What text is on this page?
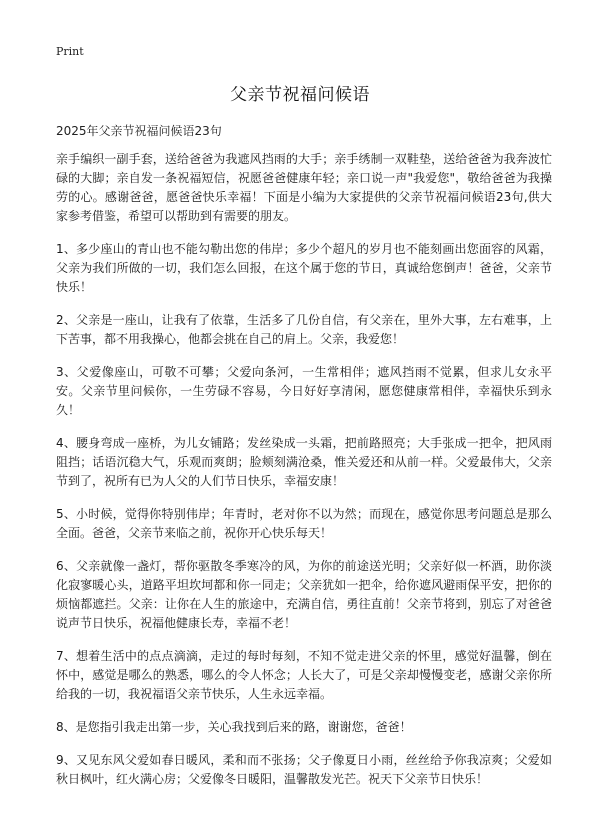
Print
父亲节祝福问候语

2025年父亲节祝福问候语23句

亲手编织一副手套，送给爸爸为我遮风挡雨的大手；亲手绣制一双鞋垫，送给爸爸为我奔波忙碌的大脚；亲自发一条祝福短信，祝愿爸爸健康年轻；亲口说一声"我爱您"，敬给爸爸为我操劳的心。感谢爸爸，愿爸爸快乐幸福！下面是小编为大家提供的父亲节祝福问候语23句,供大家参考借鉴，希望可以帮助到有需要的朋友。

1、多少座山的青山也不能勾勒出您的伟岸；多少个超凡的岁月也不能刻画出您面容的风霜，父亲为我们所做的一切，我们怎么回报，在这个属于您的节日，真诚给您倒声！爸爸，父亲节快乐！

2、父亲是一座山，让我有了依靠，生活多了几份自信，有父亲在，里外大事，左右难事，上下苦事，都不用我操心，他都会挑在自己的肩上。父亲，我爱您！

3、父爱像座山，可敬不可攀；父爱向条河，一生常相伴；遮风挡雨不觉累，但求儿女永平安。父亲节里问候你，一生劳碌不容易，今日好好享清闲，愿您健康常相伴，幸福快乐到永久！

4、腰身弯成一座桥，为儿女铺路；发丝染成一头霜，把前路照亮；大手张成一把伞，把风雨阻挡；话语沉稳大气，乐观而爽朗；脸颊刻满沧桑，惟关爱还和从前一样。父爱最伟大，父亲节到了，祝所有已为人父的人们节日快乐，幸福安康！

5、小时候，觉得你特别伟岸；年青时，老对你不以为然；而现在，感觉你思考问题总是那么全面。爸爸，父亲节来临之前，祝你开心快乐每天！

6、父亲就像一盏灯，帮你驱散冬季寒冷的风，为你的前途送光明；父亲好似一杯酒，助你淡化寂寥暖心头，道路平坦坎坷都和你一同走；父亲犹如一把伞，给你遮风避雨保平安，把你的烦恼都遮拦。父亲：让你在人生的旅途中，充满自信，勇往直前！父亲节将到，别忘了对爸爸说声节日快乐，祝福他健康长寿，幸福不老！

7、想着生活中的点点滴滴，走过的每时每刻，不知不觉走进父亲的怀里，感觉好温馨，倒在怀中，感觉是哪么的熟悉，哪么的令人怀念；人长大了，可是父亲却慢慢变老，感谢父亲你所给我的一切，我祝福语父亲节快乐，人生永远幸福。

8、是您指引我走出第一步，关心我找到后来的路，谢谢您，爸爸！

9、又见东风父爱如春日暖风，柔和而不张扬；父子像夏日小雨，丝丝给予你我凉爽；父爱如秋日枫叶，红火满心房；父爱像冬日暖阳，温馨散发光芒。祝天下父亲节日快乐！
